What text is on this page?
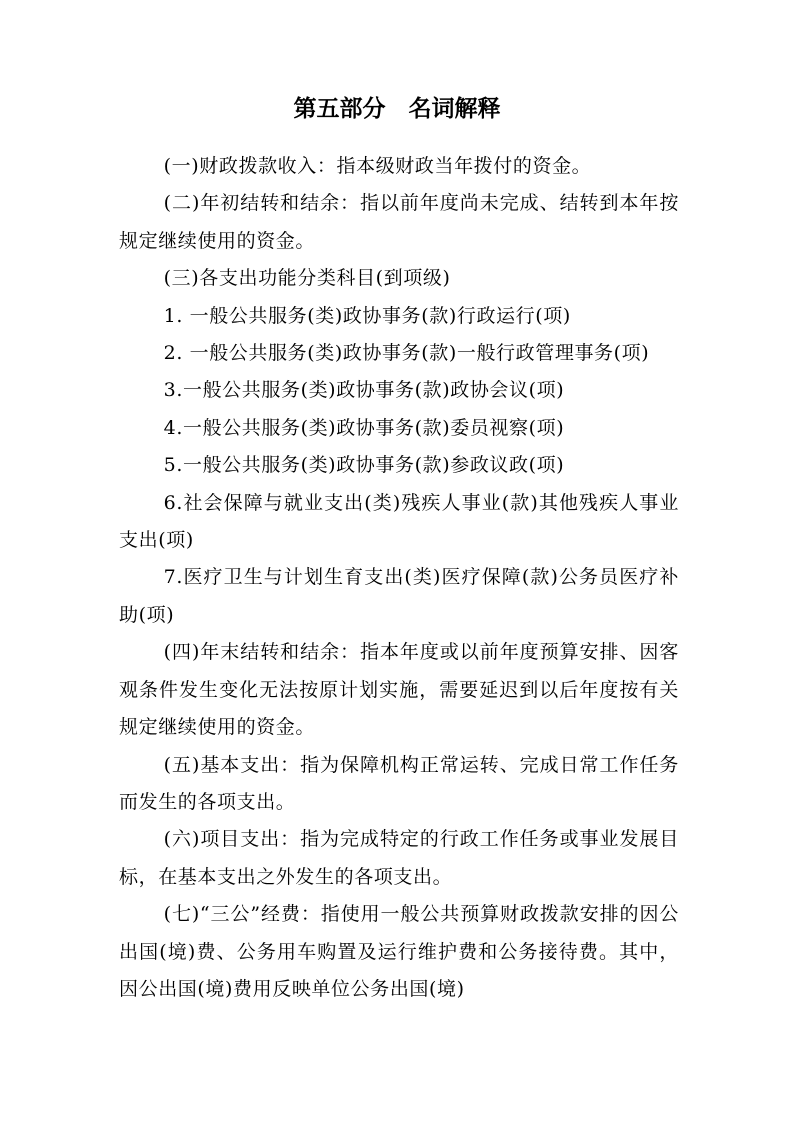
第五部分　名词解释

(一)财政拨款收入：指本级财政当年拨付的资金。

(二)年初结转和结余：指以前年度尚未完成、结转到本年按规定继续使用的资金。

(三)各支出功能分类科目(到项级)

1. 一般公共服务(类)政协事务(款)行政运行(项)

2. 一般公共服务(类)政协事务(款)一般行政管理事务(项)

3.一般公共服务(类)政协事务(款)政协会议(项)

4.一般公共服务(类)政协事务(款)委员视察(项)

5.一般公共服务(类)政协事务(款)参政议政(项)

6.社会保障与就业支出(类)残疾人事业(款)其他残疾人事业支出(项)

7.医疗卫生与计划生育支出(类)医疗保障(款)公务员医疗补助(项)

(四)年末结转和结余：指本年度或以前年度预算安排、因客观条件发生变化无法按原计划实施，需要延迟到以后年度按有关规定继续使用的资金。

(五)基本支出：指为保障机构正常运转、完成日常工作任务而发生的各项支出。

(六)项目支出：指为完成特定的行政工作任务或事业发展目标，在基本支出之外发生的各项支出。

(七)“三公”经费：指使用一般公共预算财政拨款安排的因公出国(境)费、公务用车购置及运行维护费和公务接待费。其中，因公出国(境)费用反映单位公务出国(境)
